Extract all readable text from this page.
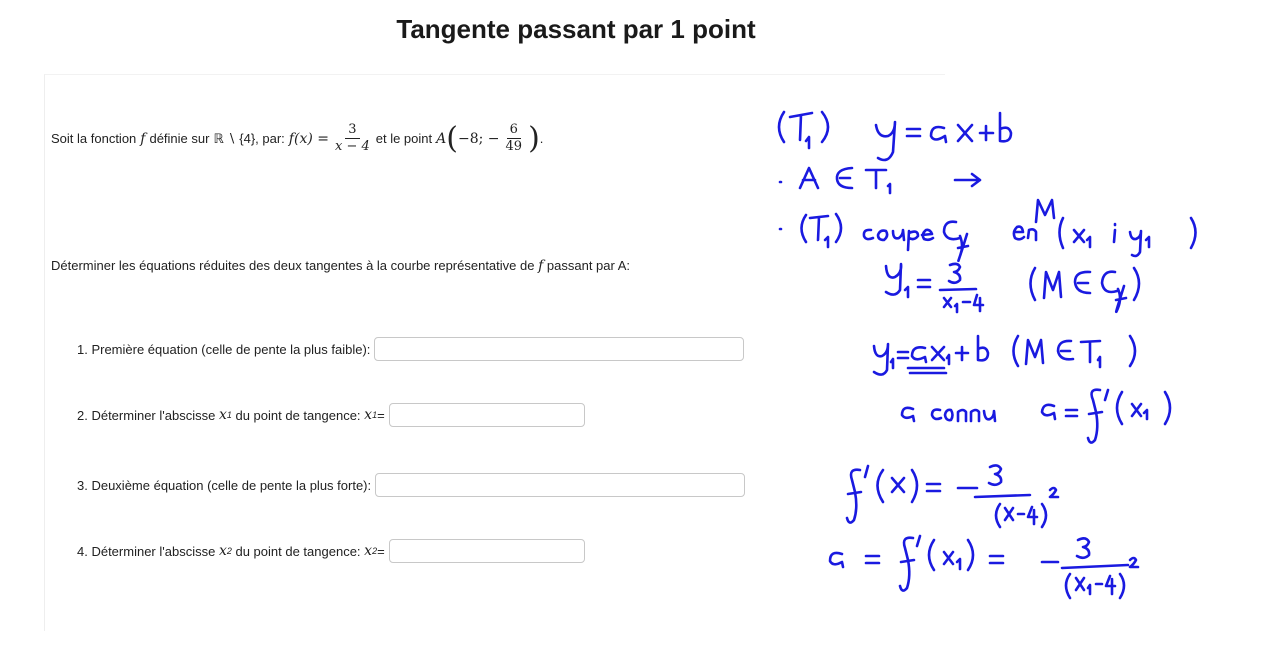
Tangente passant par 1 point
Soit la fonction f définie sur ℝ ∖ {4}, par: $f(x) = \frac{3}{x - 4}$ et le point A ( −8; − $\frac{6}{49}$ ) .
Déterminer les équations réduites des deux tangentes à la courbe représentative de f passant par A:
1. Première équation (celle de pente la plus faible):
2. Déterminer l'abscisse
x 1
du point de tangence:
x 1 =
3. Deuxième équation (celle de pente la plus forte):
4. Déterminer l'abscisse
x 2
du point de tangence:
x 2 =
